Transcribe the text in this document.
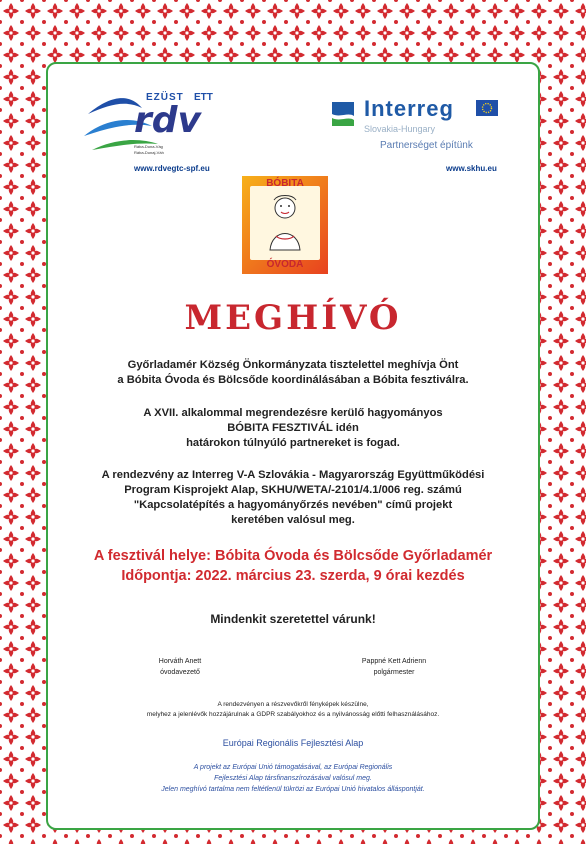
EZÜST ETT
rdv
Rába-Duna-Vág
Rába-Dunaj-Váh
www.rdvegtc-spf.eu
Interreg
Slovakia-Hungary
Partnerséget építünk
www.skhu.eu
BÓBITA
ÓVODA
MEGHÍVÓ
Győrladamér Község Önkormányzata tisztelettel meghívja Önt
a Bóbita Óvoda és Bölcsőde koordinálásában a Bóbita fesztiválra.
A XVII. alkalommal megrendezésre kerülő hagyományos
BÓBITA FESZTIVÁL idén
határokon túlnyúló partnereket is fogad.
A rendezvény az Interreg V-A Szlovákia - Magyarország Együttműködési
Program Kisprojekt Alap, SKHU/WETA/-2101/4.1/006 reg. számú
"Kapcsolatépítés a hagyományőrzés nevében" című projekt
keretében valósul meg.
A fesztivál helye: Bóbita Óvoda és Bölcsőde Győrladamér
Időpontja: 2022. március 23. szerda, 9 órai kezdés
Mindenkit szeretettel várunk!
Horváth Anett
óvodavezető
Pappné Kett Adrienn
polgármester
A rendezvényen a részvevőkről fényképek készülne,
melyhez a jelenlévők hozzájárulnak a GDPR szabályokhoz és a nyilvánosság előtti felhasználásához.
Európai Regionális Fejlesztési Alap
A projekt az Európai Unió támogatásával, az Európai Regionális
Fejlesztési Alap társfinanszírozásával valósul meg.
Jelen meghívó tartalma nem feltétlenül tükrözi az Európai Unió hivatalos álláspontját.
